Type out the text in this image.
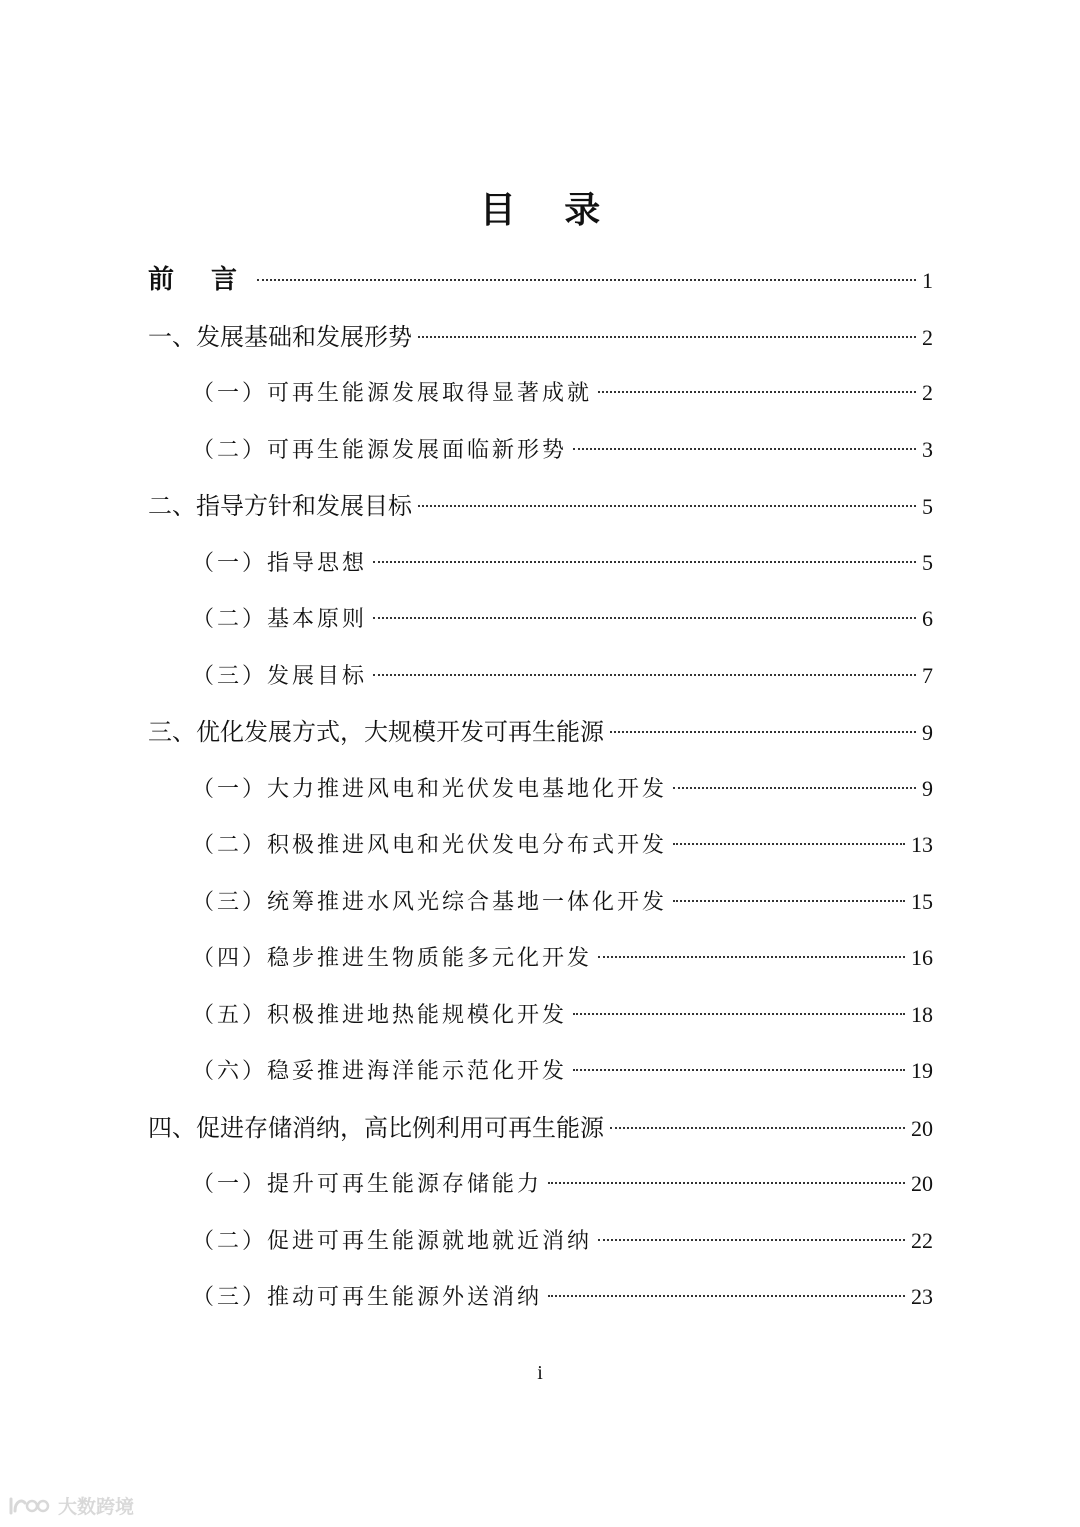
目 录
前 言	1
一、发展基础和发展形势	2
（一）可再生能源发展取得显著成就	2
（二）可再生能源发展面临新形势	3
二、指导方针和发展目标	5
（一）指导思想	5
（二）基本原则	6
（三）发展目标	7
三、优化发展方式，大规模开发可再生能源	9
（一）大力推进风电和光伏发电基地化开发	9
（二）积极推进风电和光伏发电分布式开发	13
（三）统筹推进水风光综合基地一体化开发	15
（四）稳步推进生物质能多元化开发	16
（五）积极推进地热能规模化开发	18
（六）稳妥推进海洋能示范化开发	19
四、促进存储消纳，高比例利用可再生能源	20
（一）提升可再生能源存储能力	20
（二）促进可再生能源就地就近消纳	22
（三）推动可再生能源外送消纳	23
i
大数跨境
